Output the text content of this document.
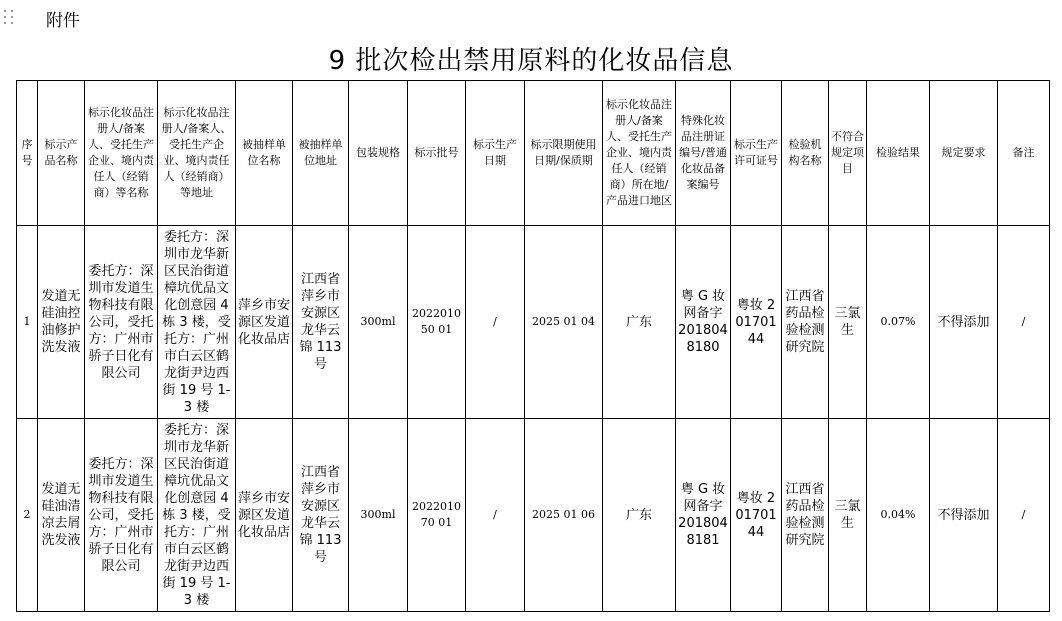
附件
9 批次检出禁用原料的化妆品信息
序号	标示产品名称	标示化妆品注册人/备案人、受托生产企业、境内责任人（经销商）等名称	标示化妆品注册人/备案人、受托生产企业、境内责任人（经销商）等地址	被抽样单位名称	被抽样单位地址	包装规格	标示批号	标示生产日期	标示限期使用日期/保质期	标示化妆品注册人/备案人、受托生产企业、境内责任人（经销商）所在地/产品进口地区	特殊化妆品注册证编号/普通化妆品备案编号	标示生产许可证号	检验机构名称	不符合规定项目	检验结果	规定要求	备注
1	发道无硅油控油修护洗发液	委托方：深圳市发道生物科技有限公司，受托方：广州市骄子日化有限公司	委托方：深圳市龙华新区民治街道樟坑优品文化创意园 4 栋 3 楼，受托方：广州市白云区鹤龙街尹边西街 19 号 1-3 楼	萍乡市安源区发道化妆品店	江西省萍乡市安源区龙华云锦 113 号	300ml	202201050 01	/	2025 01 04	广东	粤 G 妆网备字 2018048180	粤妆 20170144	江西省药品检验检测研究院	三氯生	0.07%	不得添加	/
2	发道无硅油清凉去屑洗发液	委托方：深圳市发道生物科技有限公司，受托方：广州市骄子日化有限公司	委托方：深圳市龙华新区民治街道樟坑优品文化创意园 4 栋 3 楼，受托方：广州市白云区鹤龙街尹边西街 19 号 1-3 楼	萍乡市安源区发道化妆品店	江西省萍乡市安源区龙华云锦 113 号	300ml	202201070 01	/	2025 01 06	广东	粤 G 妆网备字 2018048181	粤妆 20170144	江西省药品检验检测研究院	三氯生	0.04%	不得添加	/
